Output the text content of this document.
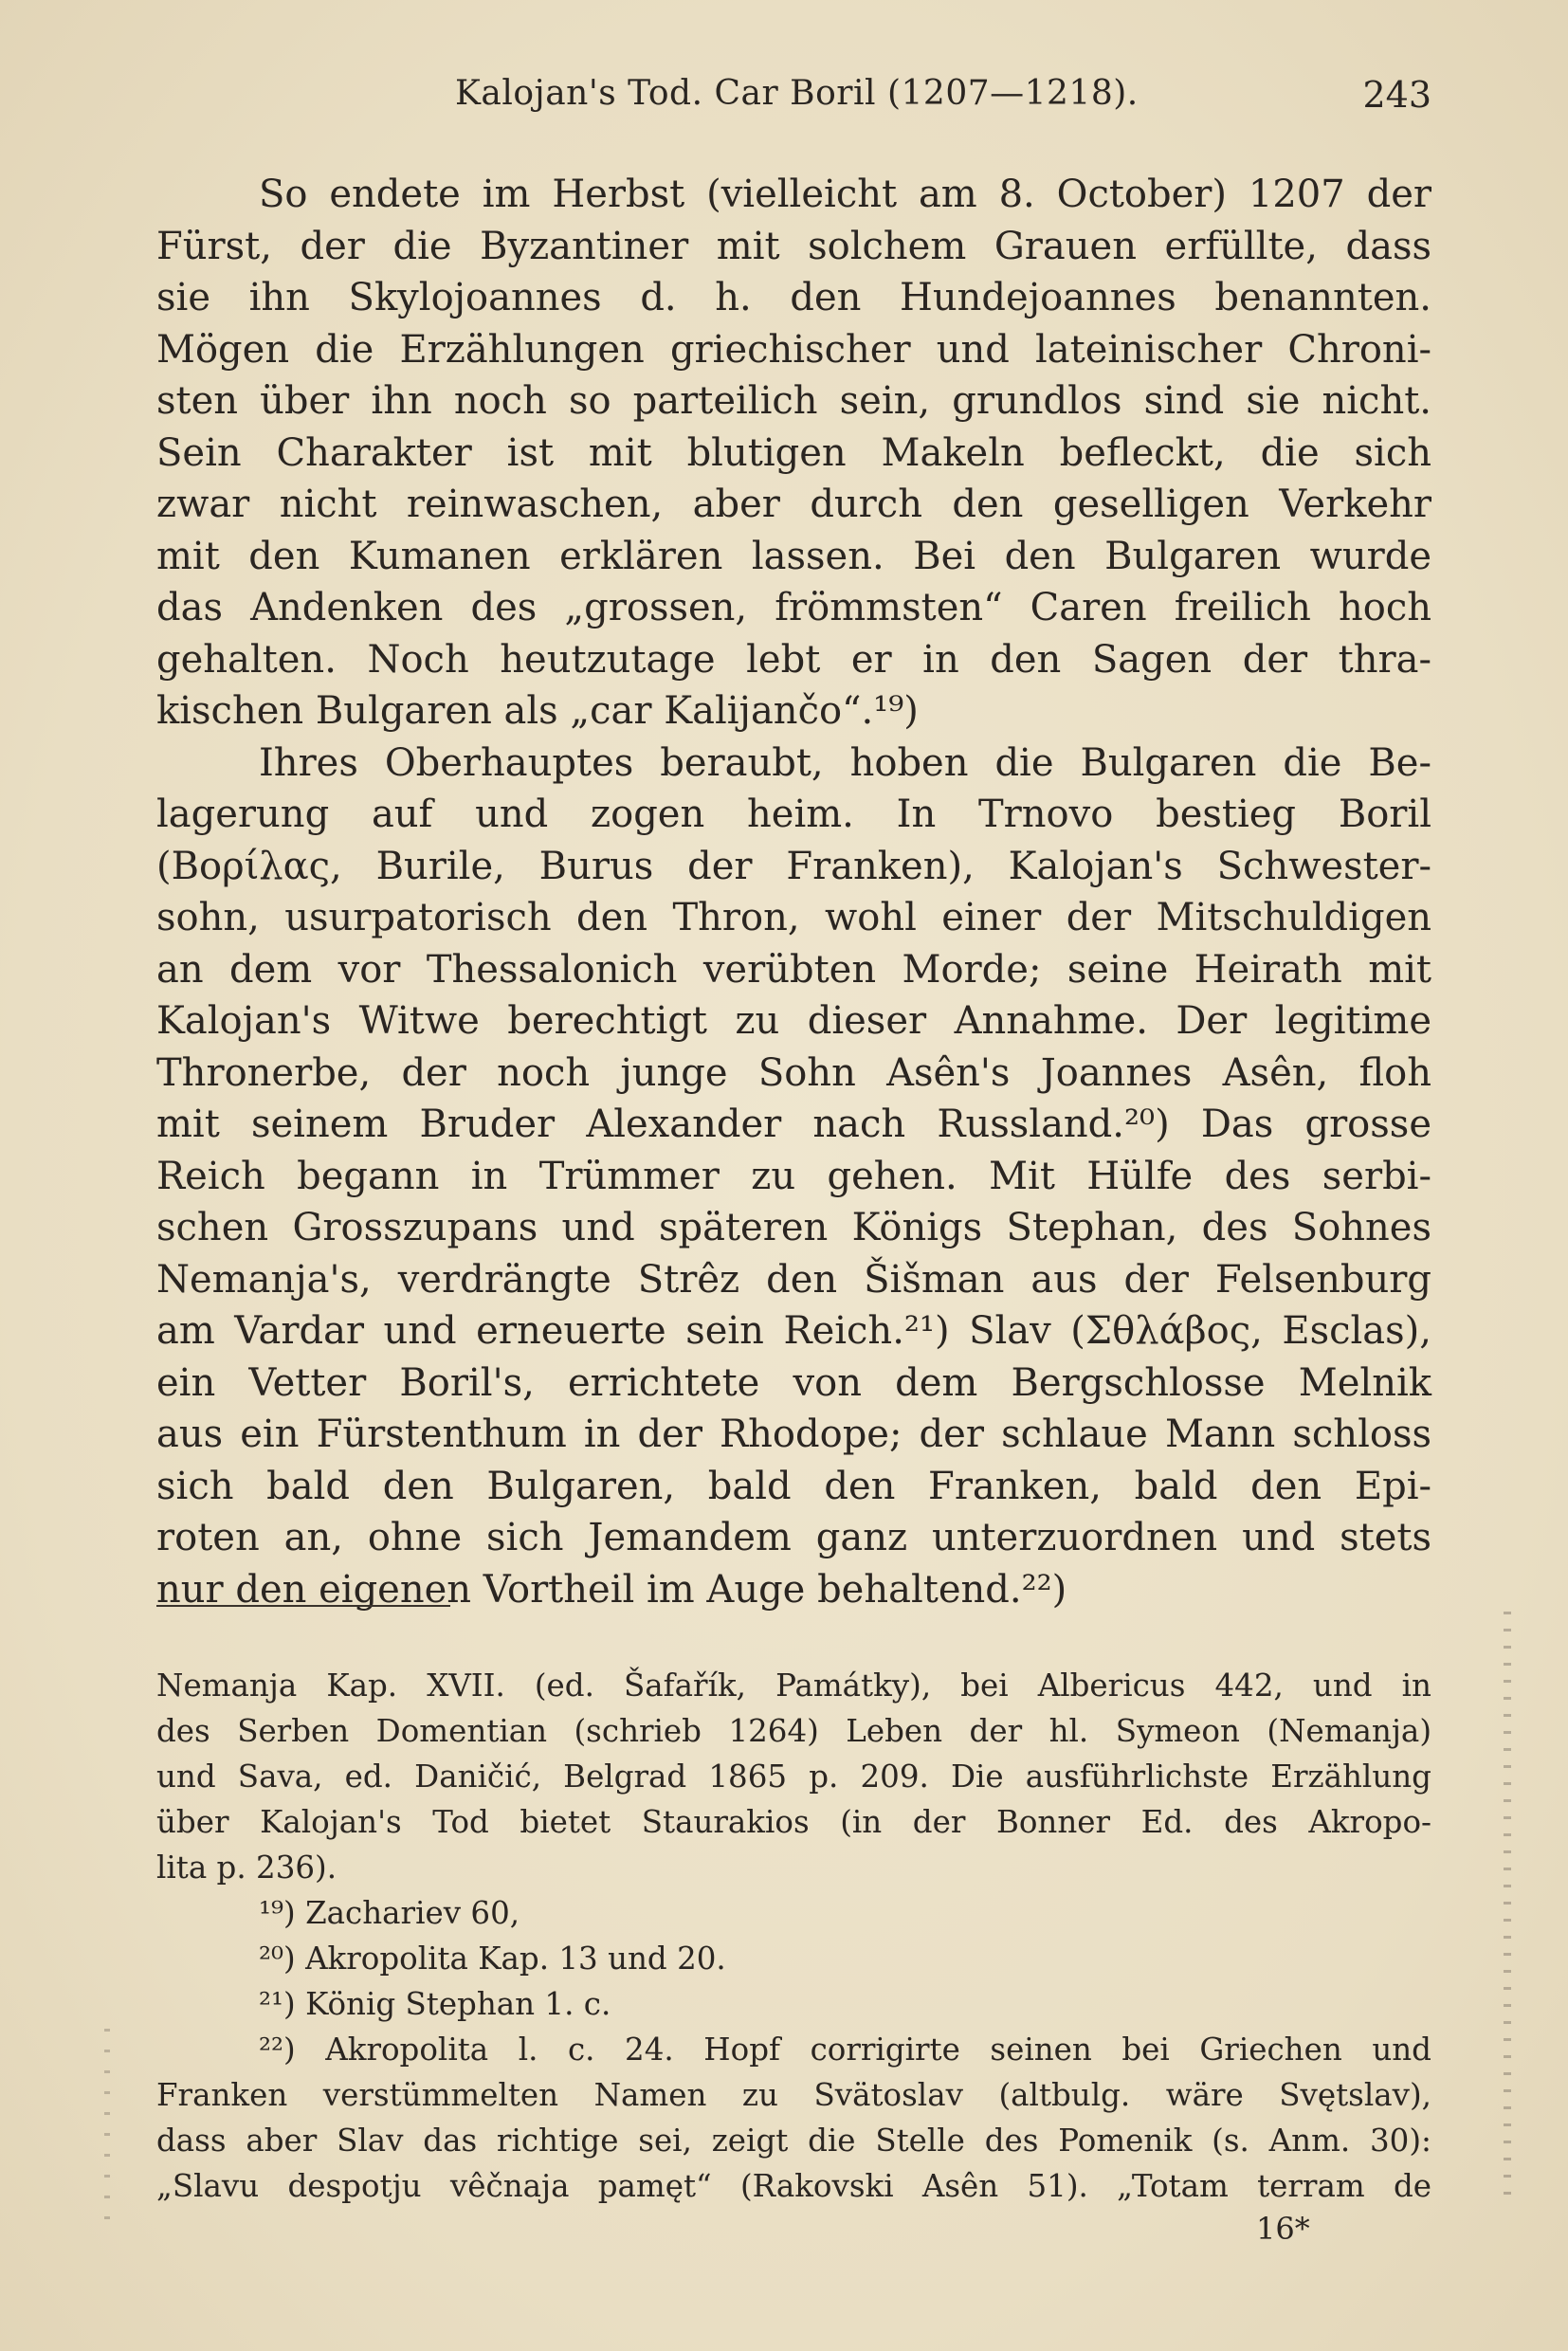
Kalojan's Tod. Car Boril (1207—1218).	243
So endete im Herbst (vielleicht am 8. October) 1207 der
Fürst, der die Byzantiner mit solchem Grauen erfüllte, dass
sie ihn Skylojoannes d. h. den Hundejoannes benannten.
Mögen die Erzählungen griechischer und lateinischer Chroni-
sten über ihn noch so parteilich sein, grundlos sind sie nicht.
Sein Charakter ist mit blutigen Makeln befleckt, die sich
zwar nicht reinwaschen, aber durch den geselligen Verkehr
mit den Kumanen erklären lassen. Bei den Bulgaren wurde
das Andenken des „grossen, frömmsten“ Caren freilich hoch
gehalten. Noch heutzutage lebt er in den Sagen der thra-
kischen Bulgaren als „car Kalijančo“.¹⁹)
Ihres Oberhauptes beraubt, hoben die Bulgaren die Be-
lagerung auf und zogen heim. In Trnovo bestieg Boril
(Βορίλας, Burile, Burus der Franken), Kalojan's Schwester-
sohn, usurpatorisch den Thron, wohl einer der Mitschuldigen
an dem vor Thessalonich verübten Morde; seine Heirath mit
Kalojan's Witwe berechtigt zu dieser Annahme. Der legitime
Thronerbe, der noch junge Sohn Asên's Joannes Asên, floh
mit seinem Bruder Alexander nach Russland.²⁰) Das grosse
Reich begann in Trümmer zu gehen. Mit Hülfe des serbi-
schen Grosszupans und späteren Königs Stephan, des Sohnes
Nemanja's, verdrängte Strêz den Šišman aus der Felsenburg
am Vardar und erneuerte sein Reich.²¹) Slav (Σθλάβος, Esclas),
ein Vetter Boril's, errichtete von dem Bergschlosse Melnik
aus ein Fürstenthum in der Rhodope; der schlaue Mann schloss
sich bald den Bulgaren, bald den Franken, bald den Epi-
roten an, ohne sich Jemandem ganz unterzuordnen und stets
nur den eigenen Vortheil im Auge behaltend.²²)
Nemanja Kap. XVII. (ed. Šafařík, Památky), bei Albericus 442, und in
des Serben Domentian (schrieb 1264) Leben der hl. Symeon (Nemanja)
und Sava, ed. Daničić, Belgrad 1865 p. 209. Die ausführlichste Erzählung
über Kalojan's Tod bietet Staurakios (in der Bonner Ed. des Akropo-
lita p. 236).
¹⁹) Zachariev 60,
²⁰) Akropolita Kap. 13 und 20.
²¹) König Stephan 1. c.
²²) Akropolita l. c. 24. Hopf corrigirte seinen bei Griechen und
Franken verstümmelten Namen zu Svätoslav (altbulg. wäre Svętslav),
dass aber Slav das richtige sei, zeigt die Stelle des Pomenik (s. Anm. 30):
„Slavu despotju vêčnaja pamęt“ (Rakovski Asên 51). „Totam terram de
16*
